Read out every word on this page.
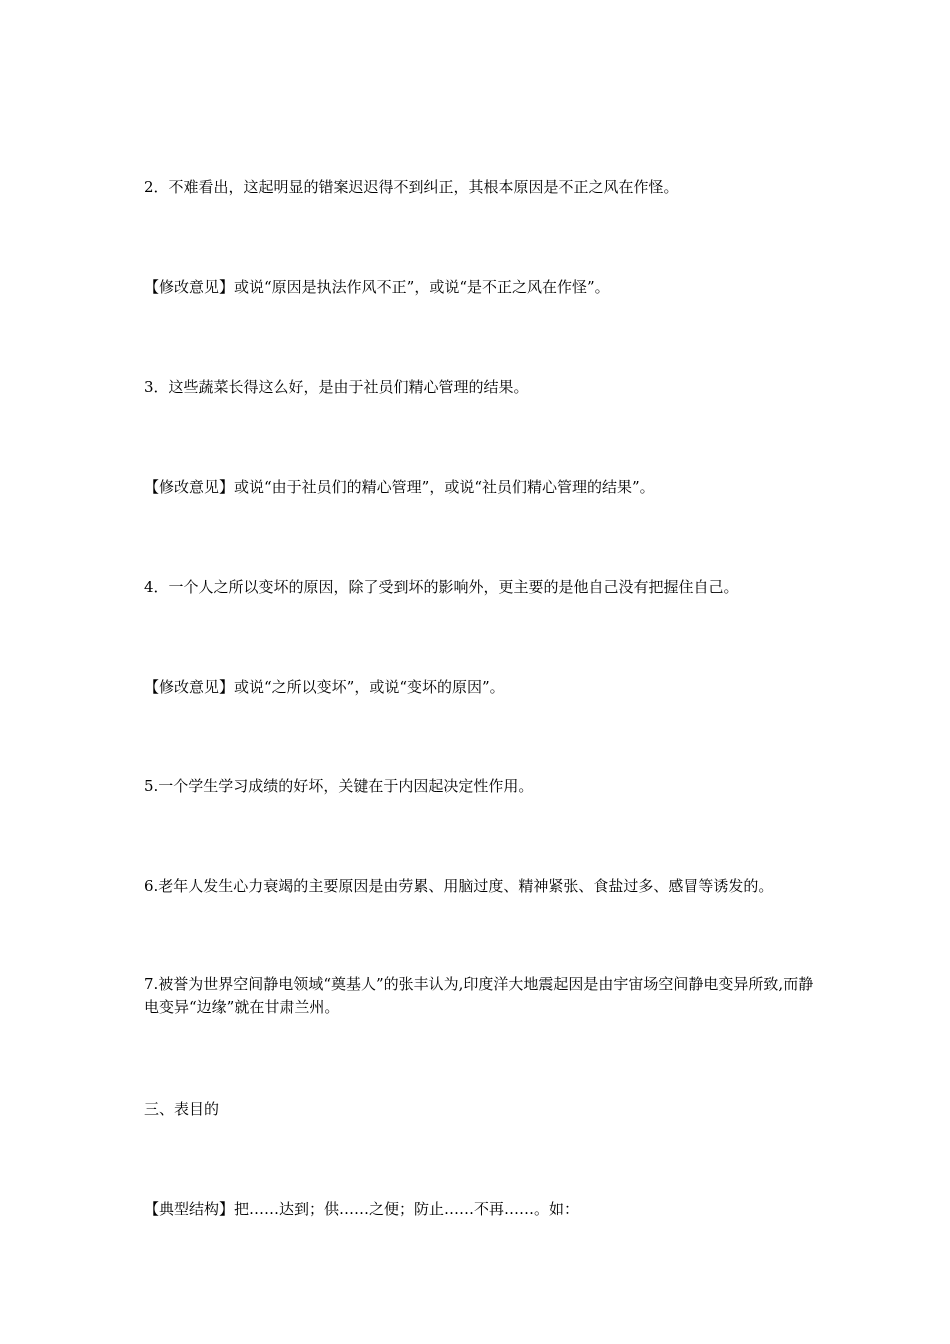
2．不难看出，这起明显的错案迟迟得不到纠正，其根本原因是不正之风在作怪。
【修改意见】或说“原因是执法作风不正”，或说“是不正之风在作怪”。
3．这些蔬菜长得这么好，是由于社员们精心管理的结果。
【修改意见】或说“由于社员们的精心管理”，或说“社员们精心管理的结果”。
4．一个人之所以变坏的原因，除了受到坏的影响外，更主要的是他自己没有把握住自己。
【修改意见】或说“之所以变坏”，或说“变坏的原因”。
5.一个学生学习成绩的好坏，关键在于内因起决定性作用。
6.老年人发生心力衰竭的主要原因是由劳累、用脑过度、精神紧张、食盐过多、感冒等诱发的。
7.被誉为世界空间静电领域“奠基人”的张丰认为,印度洋大地震起因是由宇宙场空间静电变异所致,而静电变异“边缘”就在甘肃兰州。
三、表目的
【典型结构】把……达到；供……之便；防止……不再……。如：
